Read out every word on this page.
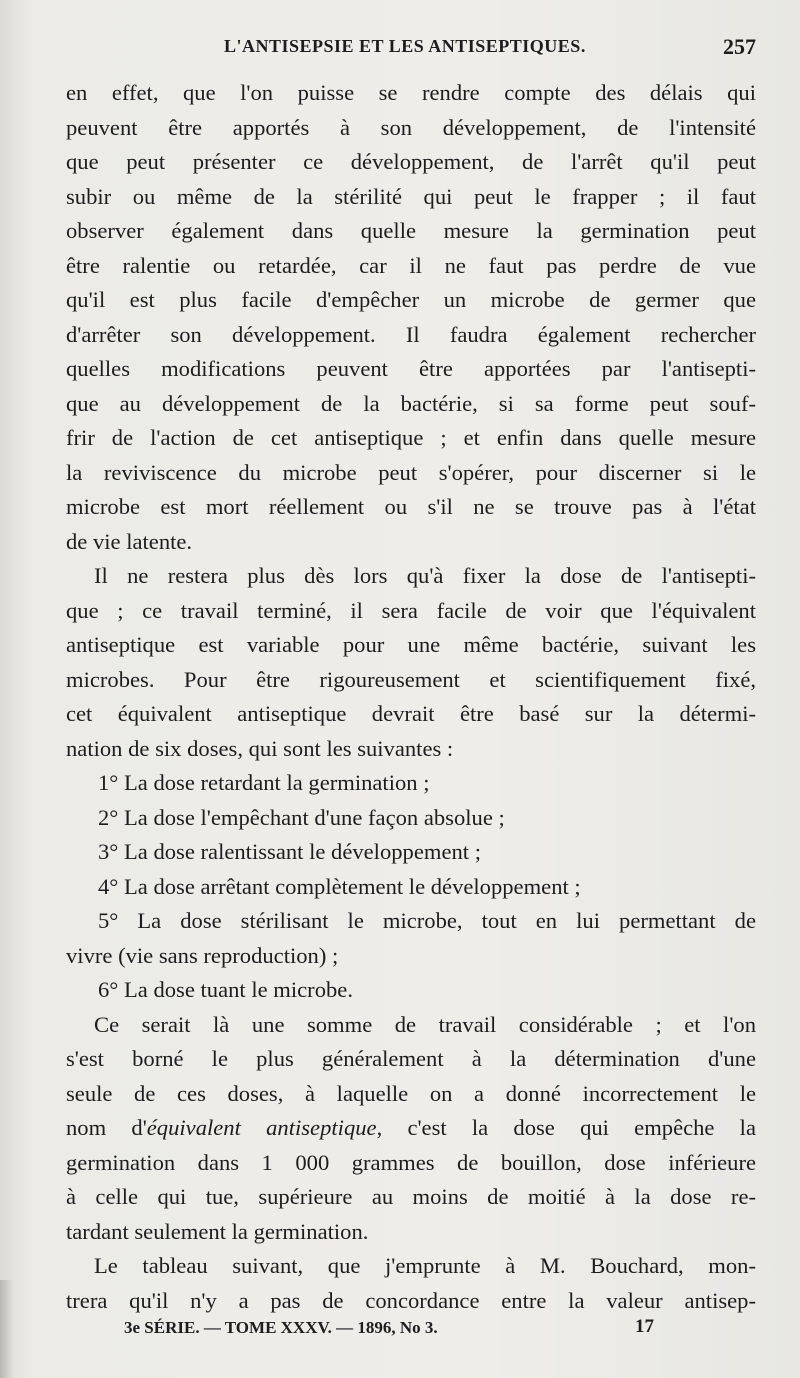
L'ANTISEPSIE ET LES ANTISEPTIQUES.	257
en effet, que l'on puisse se rendre compte des délais qui
peuvent être apportés à son développement, de l'intensité
que peut présenter ce développement, de l'arrêt qu'il peut
subir ou même de la stérilité qui peut le frapper ; il faut
observer également dans quelle mesure la germination peut
être ralentie ou retardée, car il ne faut pas perdre de vue
qu'il est plus facile d'empêcher un microbe de germer que
d'arrêter son développement. Il faudra également rechercher
quelles modifications peuvent être apportées par l'antisepti-
que au développement de la bactérie, si sa forme peut souf-
frir de l'action de cet antiseptique ; et enfin dans quelle mesure
la reviviscence du microbe peut s'opérer, pour discerner si le
microbe est mort réellement ou s'il ne se trouve pas à l'état
de vie latente.
Il ne restera plus dès lors qu'à fixer la dose de l'antisepti-
que ; ce travail terminé, il sera facile de voir que l'équivalent
antiseptique est variable pour une même bactérie, suivant les
microbes. Pour être rigoureusement et scientifiquement fixé,
cet équivalent antiseptique devrait être basé sur la détermi-
nation de six doses, qui sont les suivantes :
1° La dose retardant la germination ;
2° La dose l'empêchant d'une façon absolue ;
3° La dose ralentissant le développement ;
4° La dose arrêtant complètement le développement ;
5° La dose stérilisant le microbe, tout en lui permettant de
vivre (vie sans reproduction) ;
6° La dose tuant le microbe.
Ce serait là une somme de travail considérable ; et l'on
s'est borné le plus généralement à la détermination d'une
seule de ces doses, à laquelle on a donné incorrectement le
nom d'équivalent antiseptique, c'est la dose qui empêche la
germination dans 1 000 grammes de bouillon, dose inférieure
à celle qui tue, supérieure au moins de moitié à la dose re-
tardant seulement la germination.
Le tableau suivant, que j'emprunte à M. Bouchard, mon-
trera qu'il n'y a pas de concordance entre la valeur antisep-
3e SÉRIE. — TOME XXXV. — 1896, No 3.	17
